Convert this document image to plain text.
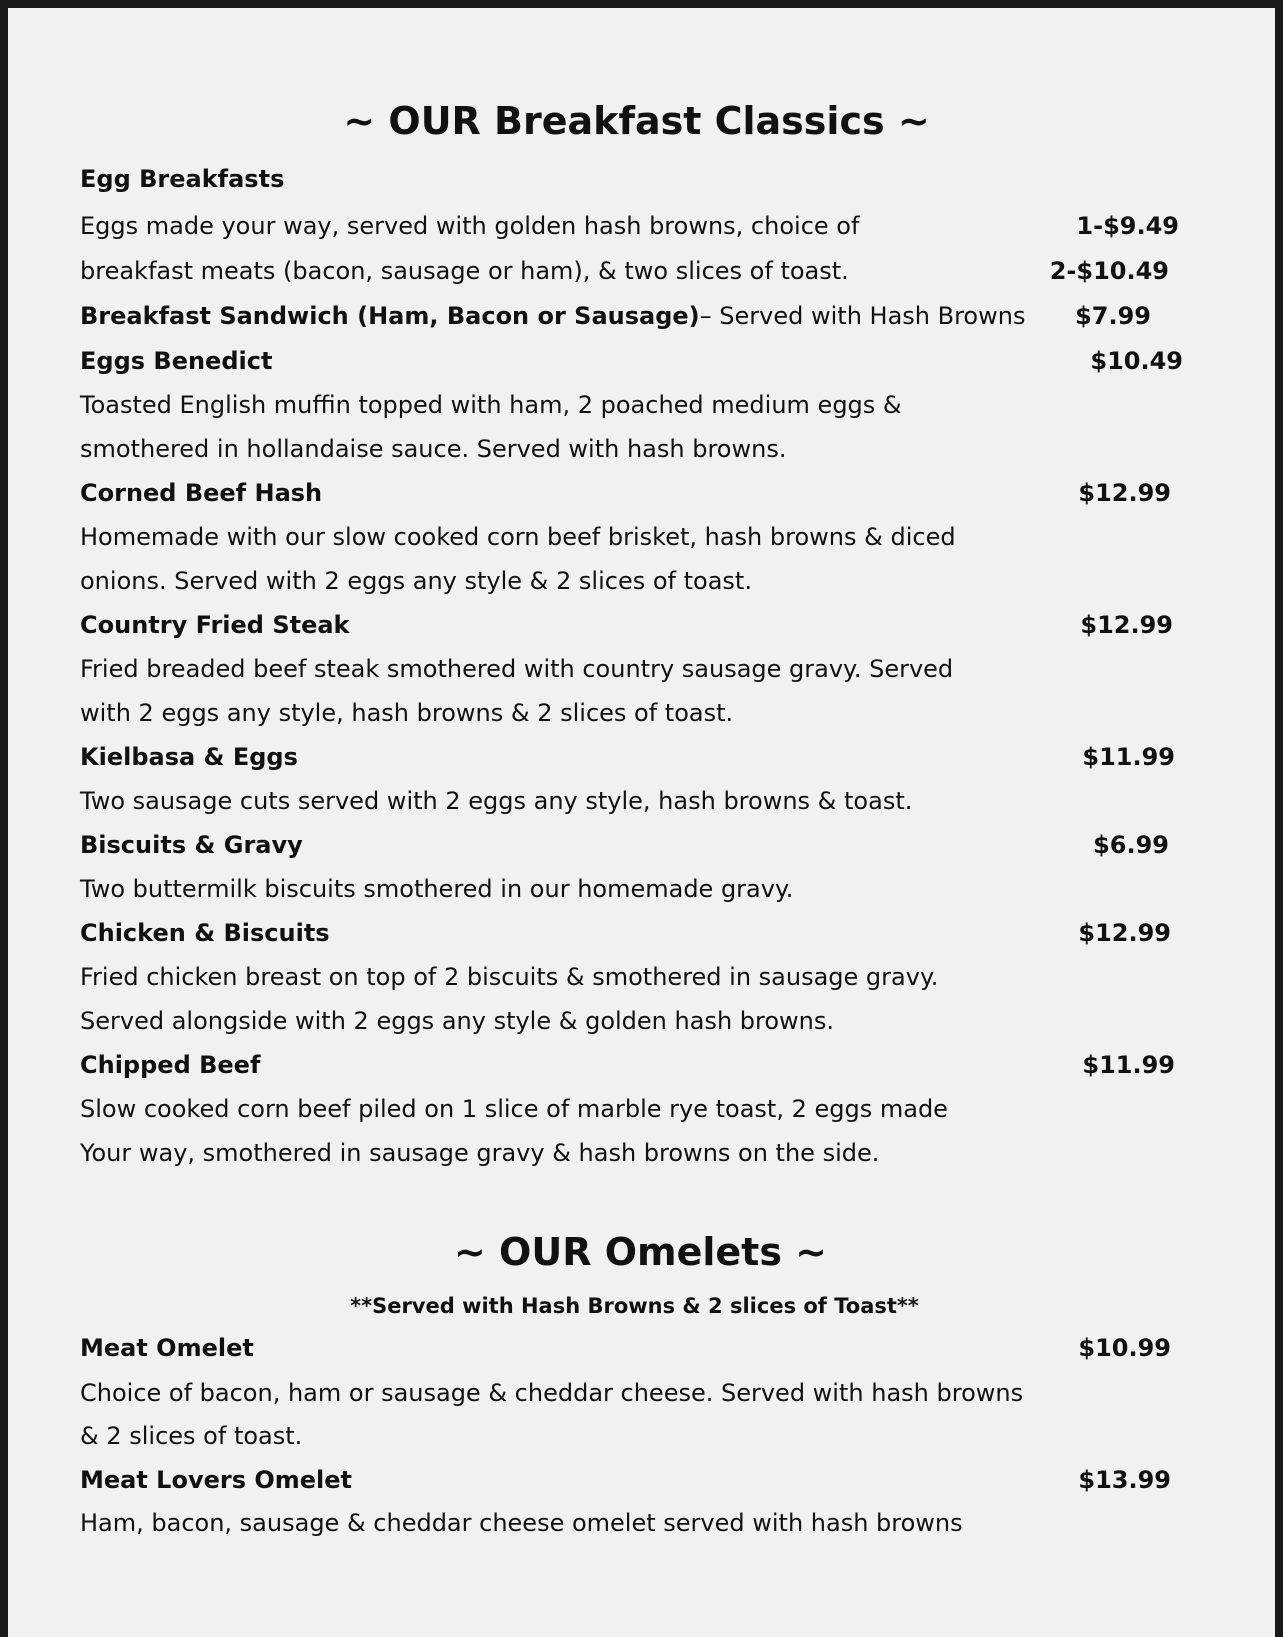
~ OUR Breakfast Classics ~
Egg Breakfasts
Eggs made your way, served with golden hash browns, choice of	1-$9.49
breakfast meats (bacon, sausage or ham), & two slices of toast.	2-$10.49
Breakfast Sandwich (Ham, Bacon or Sausage)– Served with Hash Browns $7.99
Eggs Benedict	$10.49
Toasted English muffin topped with ham, 2 poached medium eggs &
smothered in hollandaise sauce. Served with hash browns.
Corned Beef Hash	$12.99
Homemade with our slow cooked corn beef brisket, hash browns & diced
onions. Served with 2 eggs any style & 2 slices of toast.
Country Fried Steak	$12.99
Fried breaded beef steak smothered with country sausage gravy. Served
with 2 eggs any style, hash browns & 2 slices of toast.
Kielbasa & Eggs	$11.99
Two sausage cuts served with 2 eggs any style, hash browns & toast.
Biscuits & Gravy	$6.99
Two buttermilk biscuits smothered in our homemade gravy.
Chicken & Biscuits	$12.99
Fried chicken breast on top of 2 biscuits & smothered in sausage gravy.
Served alongside with 2 eggs any style & golden hash browns.
Chipped Beef	$11.99
Slow cooked corn beef piled on 1 slice of marble rye toast, 2 eggs made
Your way, smothered in sausage gravy & hash browns on the side.
~ OUR Omelets ~
**Served with Hash Browns & 2 slices of Toast**
Meat Omelet	$10.99
Choice of bacon, ham or sausage & cheddar cheese. Served with hash browns
& 2 slices of toast.
Meat Lovers Omelet	$13.99
Ham, bacon, sausage & cheddar cheese omelet served with hash browns
